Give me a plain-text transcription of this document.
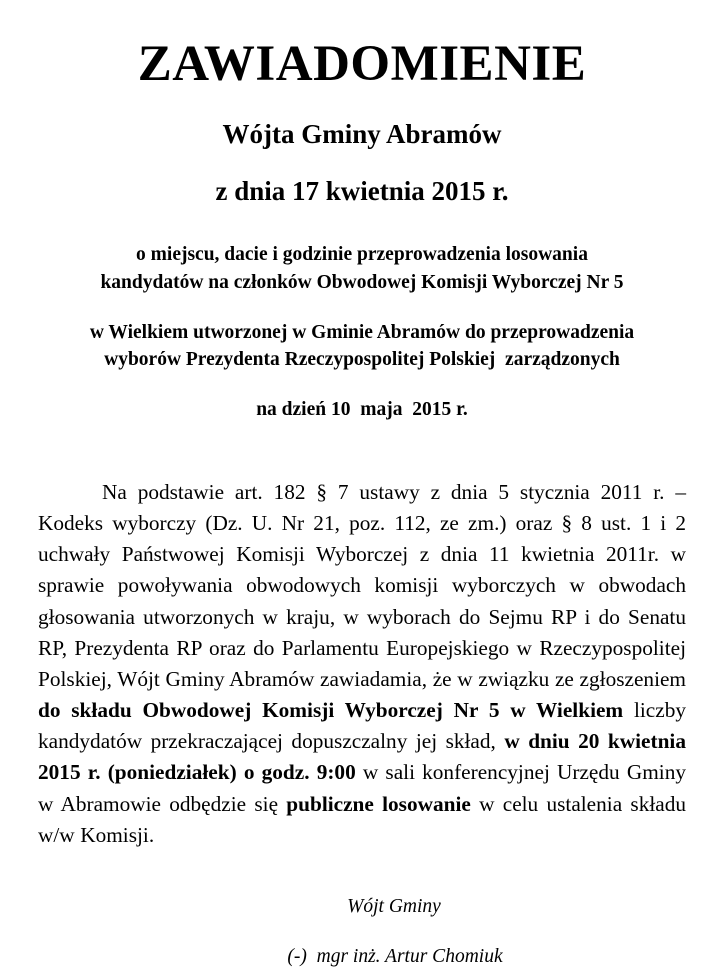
ZAWIADOMIENIE
Wójta Gminy Abramów
z dnia 17 kwietnia 2015 r.
o miejscu, dacie i godzinie przeprowadzenia losowania
kandydatów na członków Obwodowej Komisji Wyborczej Nr 5
w Wielkiem utworzonej w Gminie Abramów do przeprowadzenia
wyborów Prezydenta Rzeczypospolitej Polskiej  zarządzonych
na dzień 10  maja  2015 r.

Na podstawie art. 182 § 7 ustawy z dnia 5 stycznia 2011 r. – Kodeks wyborczy (Dz. U. Nr 21, poz. 112, ze zm.) oraz § 8 ust. 1 i 2 uchwały Państwowej Komisji Wyborczej z dnia 11 kwietnia 2011r. w sprawie powoływania obwodowych komisji wyborczych w obwodach głosowania utworzonych w kraju, w wyborach do Sejmu RP i do Senatu RP, Prezydenta RP oraz do Parlamentu Europejskiego w Rzeczypospolitej Polskiej, Wójt Gminy Abramów zawiadamia, że w związku ze zgłoszeniem do składu Obwodowej Komisji Wyborczej Nr 5 w Wielkiem liczby kandydatów przekraczającej dopuszczalny jej skład, w dniu 20 kwietnia 2015 r. (poniedziałek) o godz. 9:00 w sali konferencyjnej Urzędu Gminy w Abramowie odbędzie się publiczne losowanie w celu ustalenia składu w/w Komisji.

Wójt Gminy
(-)  mgr inż. Artur Chomiuk
